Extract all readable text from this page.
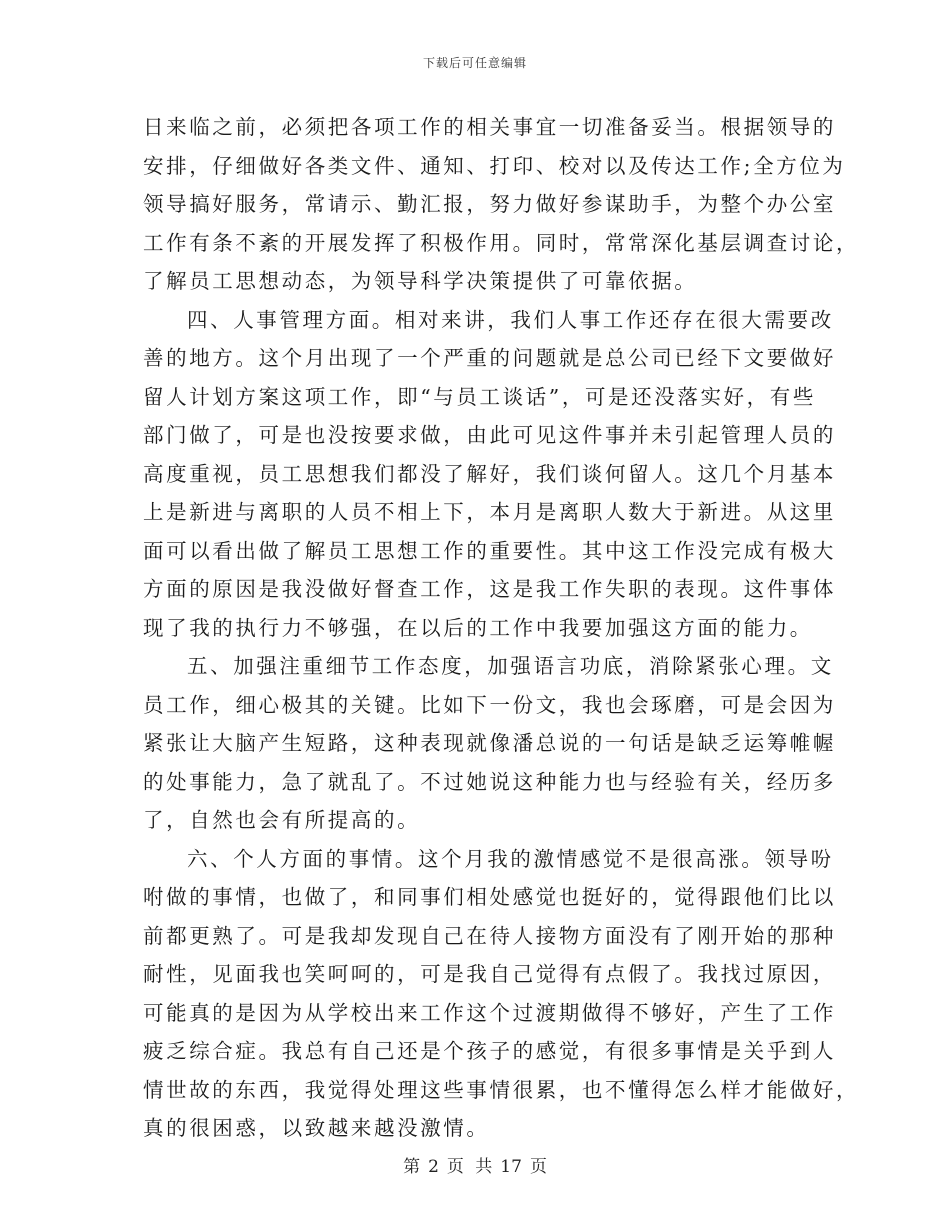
下载后可任意编辑
日来临之前，必须把各项工作的相关事宜一切准备妥当。根据领导的
安排，仔细做好各类文件、通知、打印、校对以及传达工作;全方位为
领导搞好服务，常请示、勤汇报，努力做好参谋助手，为整个办公室
工作有条不紊的开展发挥了积极作用。同时，常常深化基层调查讨论，
了解员工思想动态，为领导科学决策提供了可靠依据。
四、人事管理方面。相对来讲，我们人事工作还存在很大需要改
善的地方。这个月出现了一个严重的问题就是总公司已经下文要做好
留人计划方案这项工作，即“与员工谈话”，可是还没落实好，有些
部门做了，可是也没按要求做，由此可见这件事并未引起管理人员的
高度重视，员工思想我们都没了解好，我们谈何留人。这几个月基本
上是新进与离职的人员不相上下，本月是离职人数大于新进。从这里
面可以看出做了解员工思想工作的重要性。其中这工作没完成有极大
方面的原因是我没做好督查工作，这是我工作失职的表现。这件事体
现了我的执行力不够强，在以后的工作中我要加强这方面的能力。
五、加强注重细节工作态度，加强语言功底，消除紧张心理。文
员工作，细心极其的关键。比如下一份文，我也会琢磨，可是会因为
紧张让大脑产生短路，这种表现就像潘总说的一句话是缺乏运筹帷幄
的处事能力，急了就乱了。不过她说这种能力也与经验有关，经历多
了，自然也会有所提高的。
六、个人方面的事情。这个月我的激情感觉不是很高涨。领导吩
咐做的事情，也做了，和同事们相处感觉也挺好的，觉得跟他们比以
前都更熟了。可是我却发现自己在待人接物方面没有了刚开始的那种
耐性，见面我也笑呵呵的，可是我自己觉得有点假了。我找过原因，
可能真的是因为从学校出来工作这个过渡期做得不够好，产生了工作
疲乏综合症。我总有自己还是个孩子的感觉，有很多事情是关乎到人
情世故的东西，我觉得处理这些事情很累，也不懂得怎么样才能做好，
真的很困惑，以致越来越没激情。
第 2 页 共 17 页
